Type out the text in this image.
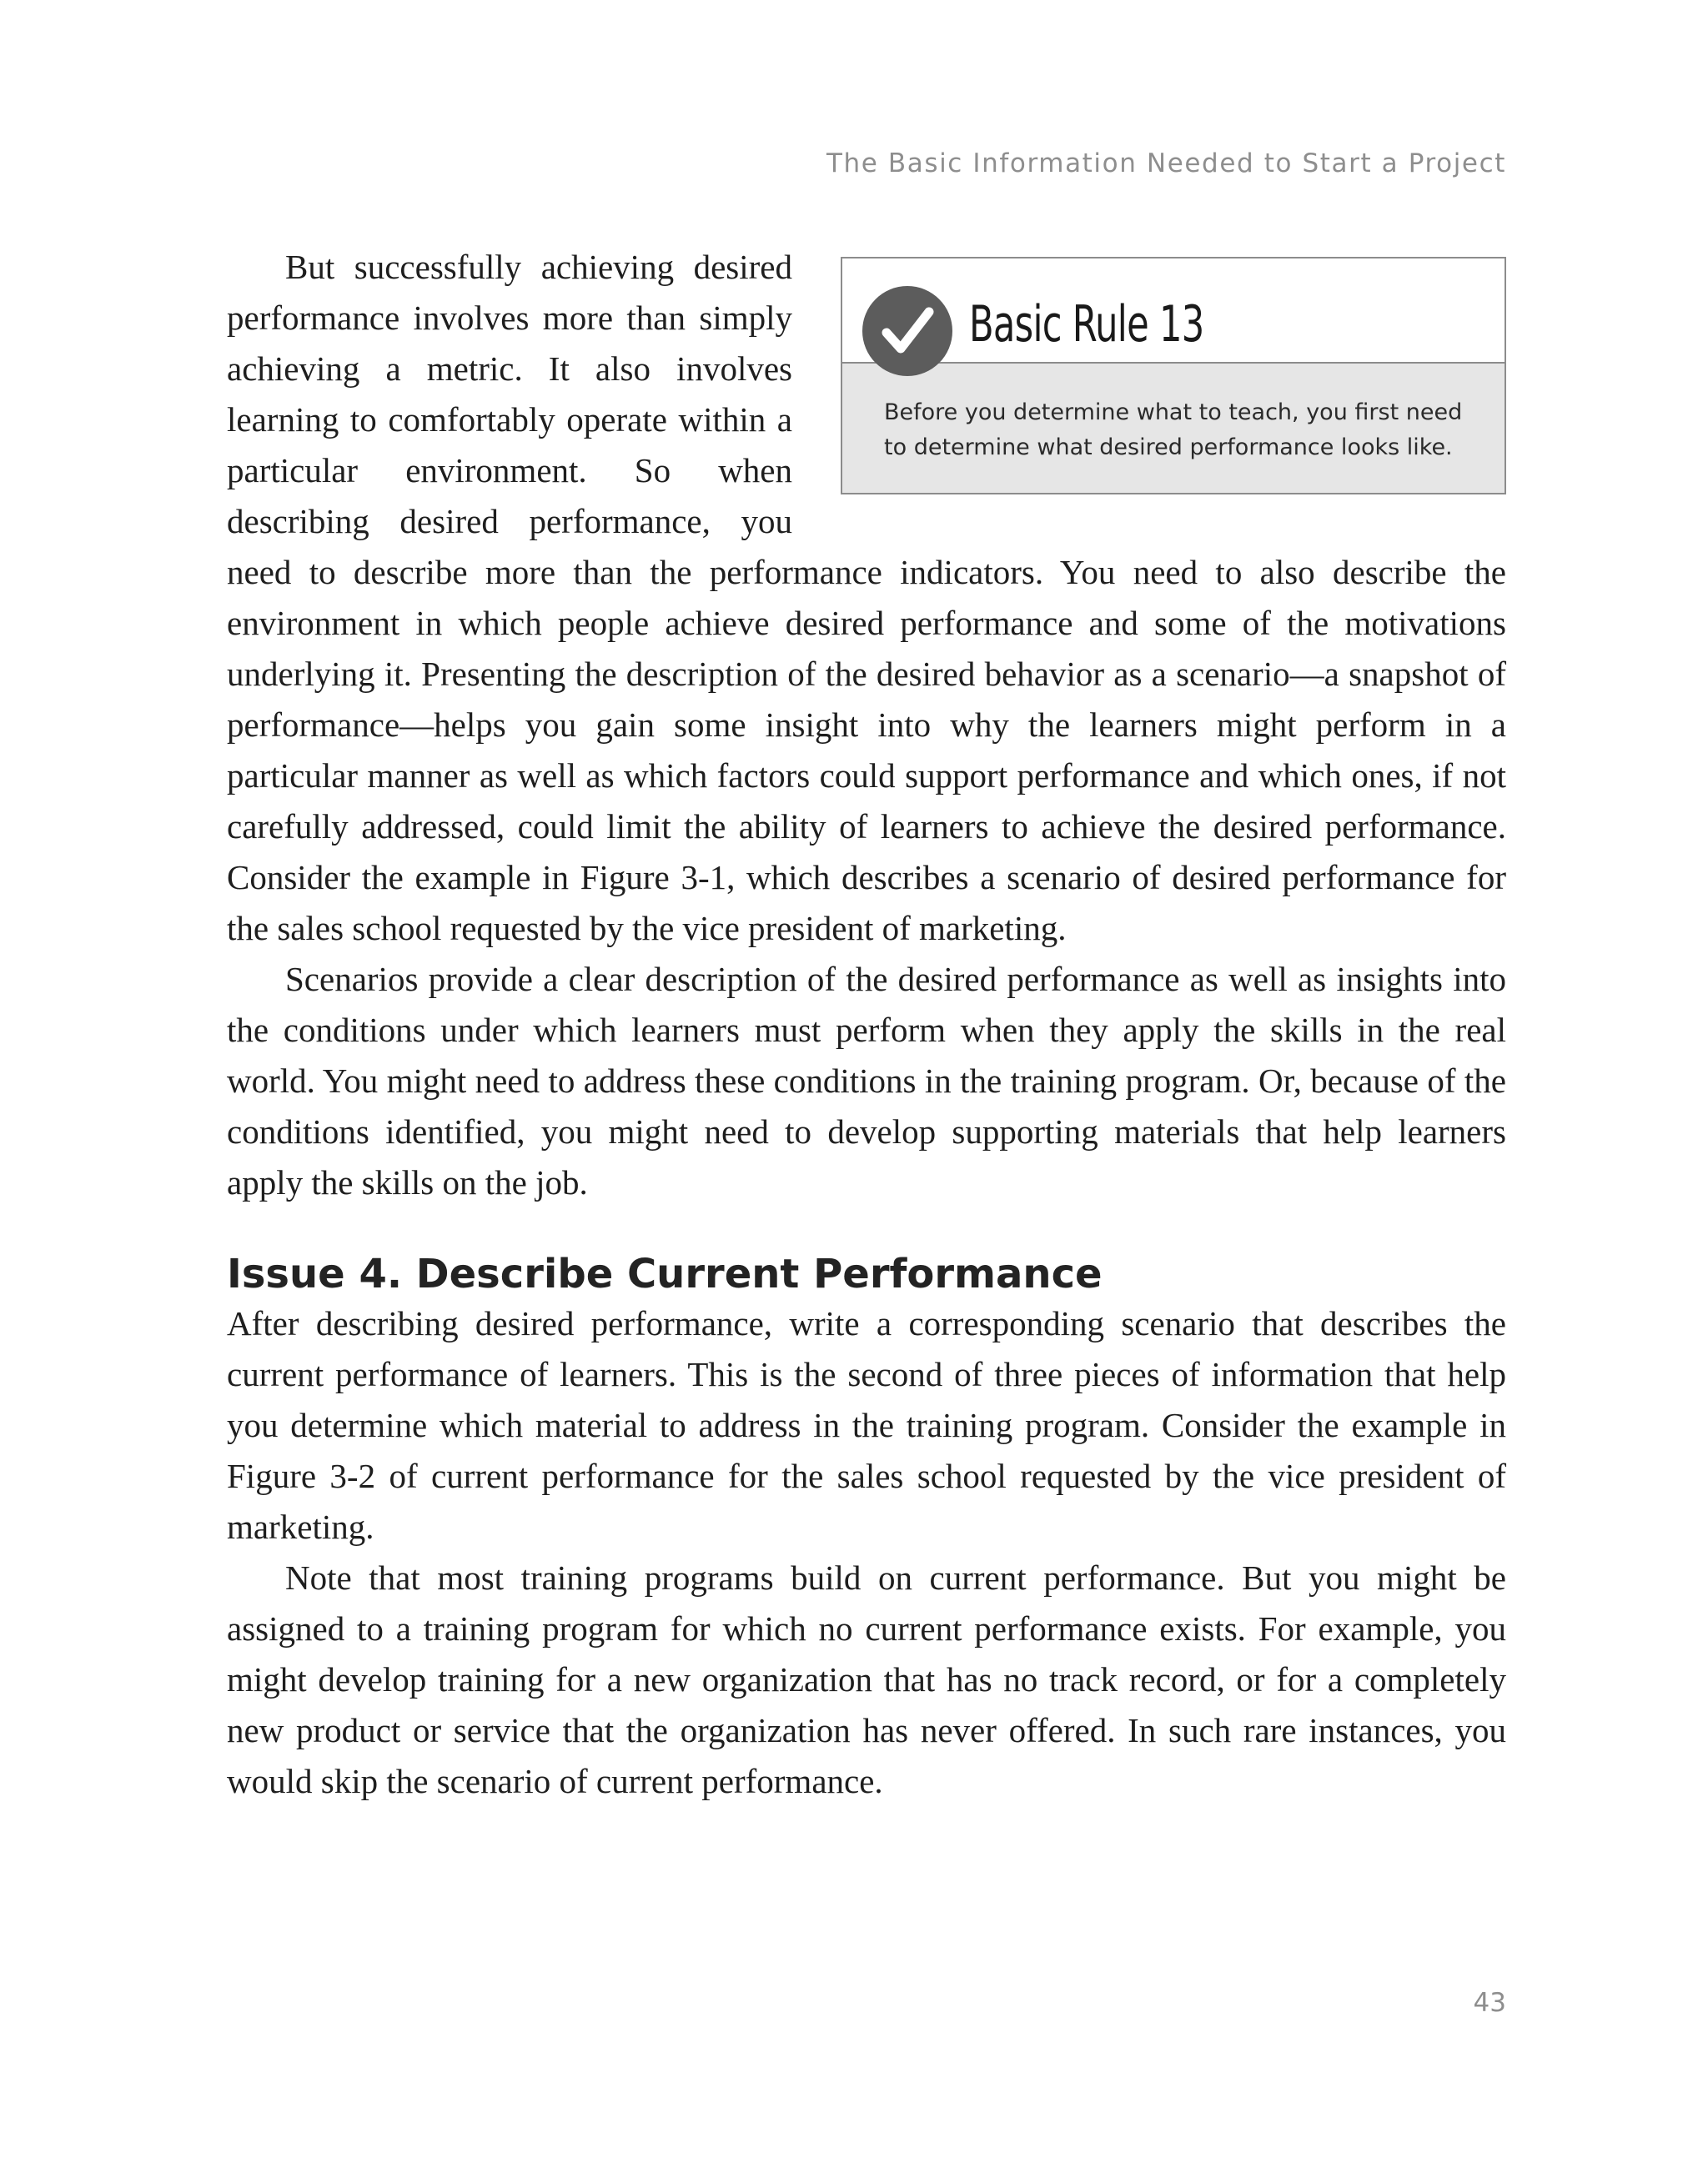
The Basic Information Needed to Start a Project
Basic Rule 13
Before you determine what to teach, you first need to determine what desired performance looks like.

But successfully achieving desired performance involves more than simply achieving a metric. It also involves learning to comfortably operate within a particular environment. So when describing desired performance, you need to describe more than the performance indicators. You need to also describe the environment in which people achieve desired performance and some of the motivations underlying it. Presenting the description of the desired behavior as a scenario—a snapshot of performance—helps you gain some insight into why the learners might perform in a particular manner as well as which factors could support performance and which ones, if not carefully addressed, could limit the ability of learners to achieve the desired performance. Consider the example in Figure 3-1, which describes a scenario of desired performance for the sales school requested by the vice president of marketing.

Scenarios provide a clear description of the desired performance as well as insights into the conditions under which learners must perform when they apply the skills in the real world. You might need to address these conditions in the training program. Or, because of the conditions identified, you might need to develop supporting materials that help learners apply the skills on the job.

Issue 4. Describe Current Performance

After describing desired performance, write a corresponding scenario that describes the current performance of learners. This is the second of three pieces of information that help you determine which material to address in the training program. Consider the example in Figure 3-2 of current performance for the sales school requested by the vice president of marketing.

Note that most training programs build on current performance. But you might be assigned to a training program for which no current performance exists. For example, you might develop training for a new organization that has no track record, or for a completely new product or service that the organization has never offered. In such rare instances, you would skip the scenario of current performance.

43
